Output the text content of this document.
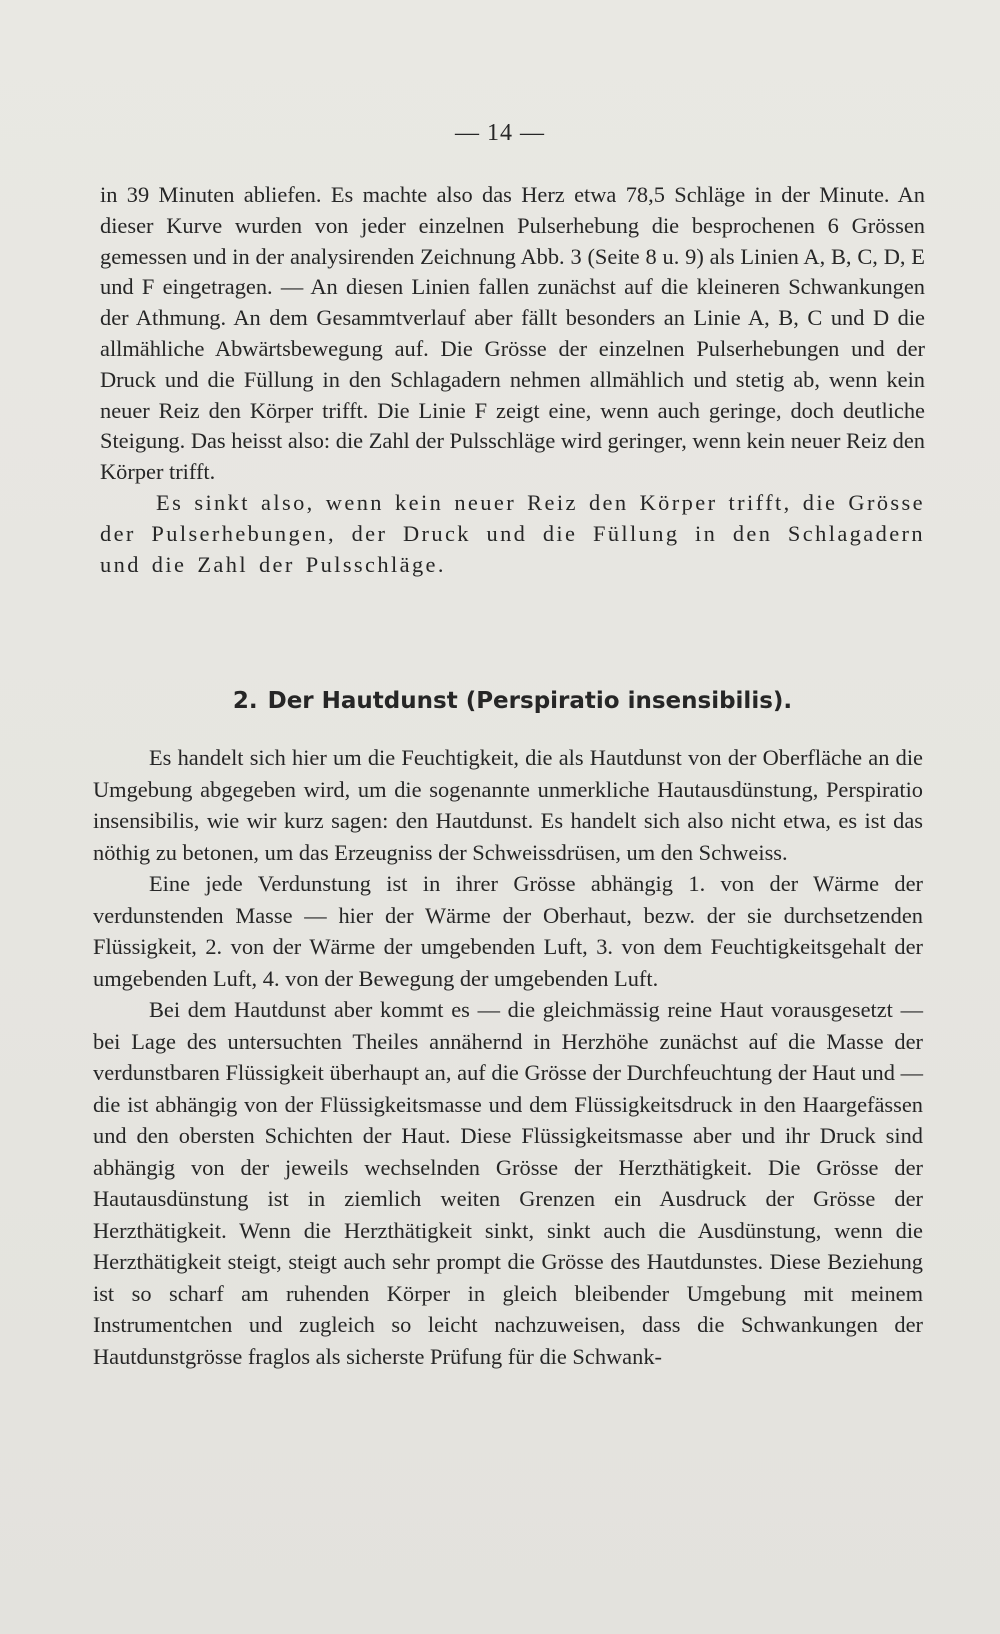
— 14 —

in 39 Minuten abliefen. Es machte also das Herz etwa 78,5 Schläge in der Minute. An dieser Kurve wurden von jeder einzelnen Pulserhebung die besprochenen 6 Grössen gemessen und in der analysirenden Zeichnung Abb. 3 (Seite 8 u. 9) als Linien A, B, C, D, E und F eingetragen. — An diesen Linien fallen zunächst auf die kleineren Schwankungen der Athmung. An dem Gesammtverlauf aber fällt besonders an Linie A, B, C und D die allmähliche Abwärtsbewegung auf. Die Grösse der einzelnen Pulserhebungen und der Druck und die Füllung in den Schlagadern nehmen allmählich und stetig ab, wenn kein neuer Reiz den Körper trifft. Die Linie F zeigt eine, wenn auch geringe, doch deutliche Steigung. Das heisst also: die Zahl der Pulsschläge wird geringer, wenn kein neuer Reiz den Körper trifft.

Es sinkt also, wenn kein neuer Reiz den Körper trifft, die Grösse der Pulserhebungen, der Druck und die Füllung in den Schlagadern und die Zahl der Pulsschläge.

2. Der Hautdunst (Perspiratio insensibilis).

Es handelt sich hier um die Feuchtigkeit, die als Hautdunst von der Oberfläche an die Umgebung abgegeben wird, um die sogenannte unmerkliche Hautausdünstung, Perspiratio insensibilis, wie wir kurz sagen: den Hautdunst. Es handelt sich also nicht etwa, es ist das nöthig zu betonen, um das Erzeugniss der Schweissdrüsen, um den Schweiss.

Eine jede Verdunstung ist in ihrer Grösse abhängig 1. von der Wärme der verdunstenden Masse — hier der Wärme der Oberhaut, bezw. der sie durchsetzenden Flüssigkeit, 2. von der Wärme der umgebenden Luft, 3. von dem Feuchtigkeitsgehalt der umgebenden Luft, 4. von der Bewegung der umgebenden Luft.

Bei dem Hautdunst aber kommt es — die gleichmässig reine Haut vorausgesetzt — bei Lage des untersuchten Theiles annähernd in Herzhöhe zunächst auf die Masse der verdunstbaren Flüssigkeit überhaupt an, auf die Grösse der Durchfeuchtung der Haut und — die ist abhängig von der Flüssigkeitsmasse und dem Flüssigkeitsdruck in den Haargefässen und den obersten Schichten der Haut. Diese Flüssigkeitsmasse aber und ihr Druck sind abhängig von der jeweils wechselnden Grösse der Herzthätigkeit. Die Grösse der Hautausdünstung ist in ziemlich weiten Grenzen ein Ausdruck der Grösse der Herzthätigkeit. Wenn die Herzthätigkeit sinkt, sinkt auch die Ausdünstung, wenn die Herzthätigkeit steigt, steigt auch sehr prompt die Grösse des Hautdunstes. Diese Beziehung ist so scharf am ruhenden Körper in gleich bleibender Umgebung mit meinem Instrumentchen und zugleich so leicht nachzuweisen, dass die Schwankungen der Hautdunstgrösse fraglos als sicherste Prüfung für die Schwank-
